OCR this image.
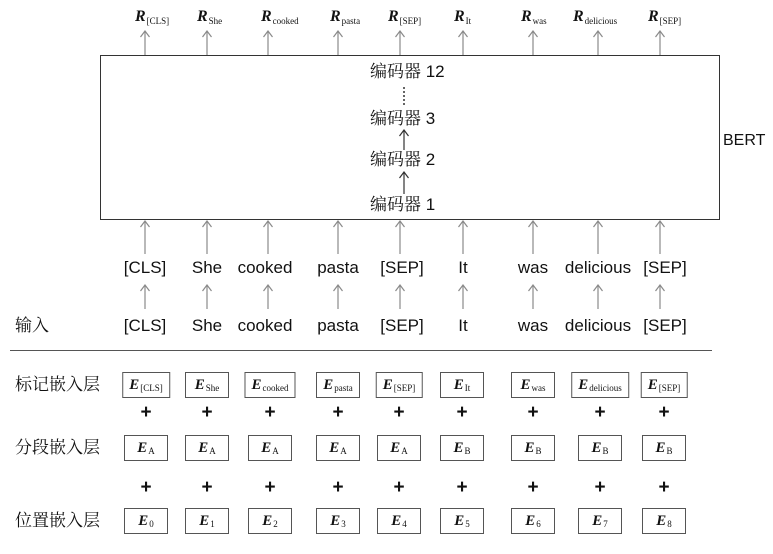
BERT
编码器 12
编码器 3
编码器 2
编码器 1
输入
标记嵌入层
分段嵌入层
位置嵌入层
R[CLS]
[CLS]
[CLS]
E [CLS]
E A
E 0
+
+
RShe
She
She
E She
E A
E 1
+
+
Rcooked
cooked
cooked
E cooked
E A
E 2
+
+
Rpasta
pasta
pasta
E pasta
E A
E 3
+
+
R[SEP]
[SEP]
[SEP]
E [SEP]
E A
E 4
+
+
RIt
It
It
E It
E B
E 5
+
+
Rwas
was
was
E was
E B
E 6
+
+
Rdelicious
delicious
delicious
E delicious
E B
E 7
+
+
R[SEP]
[SEP]
[SEP]
E [SEP]
E B
E 8
+
+
